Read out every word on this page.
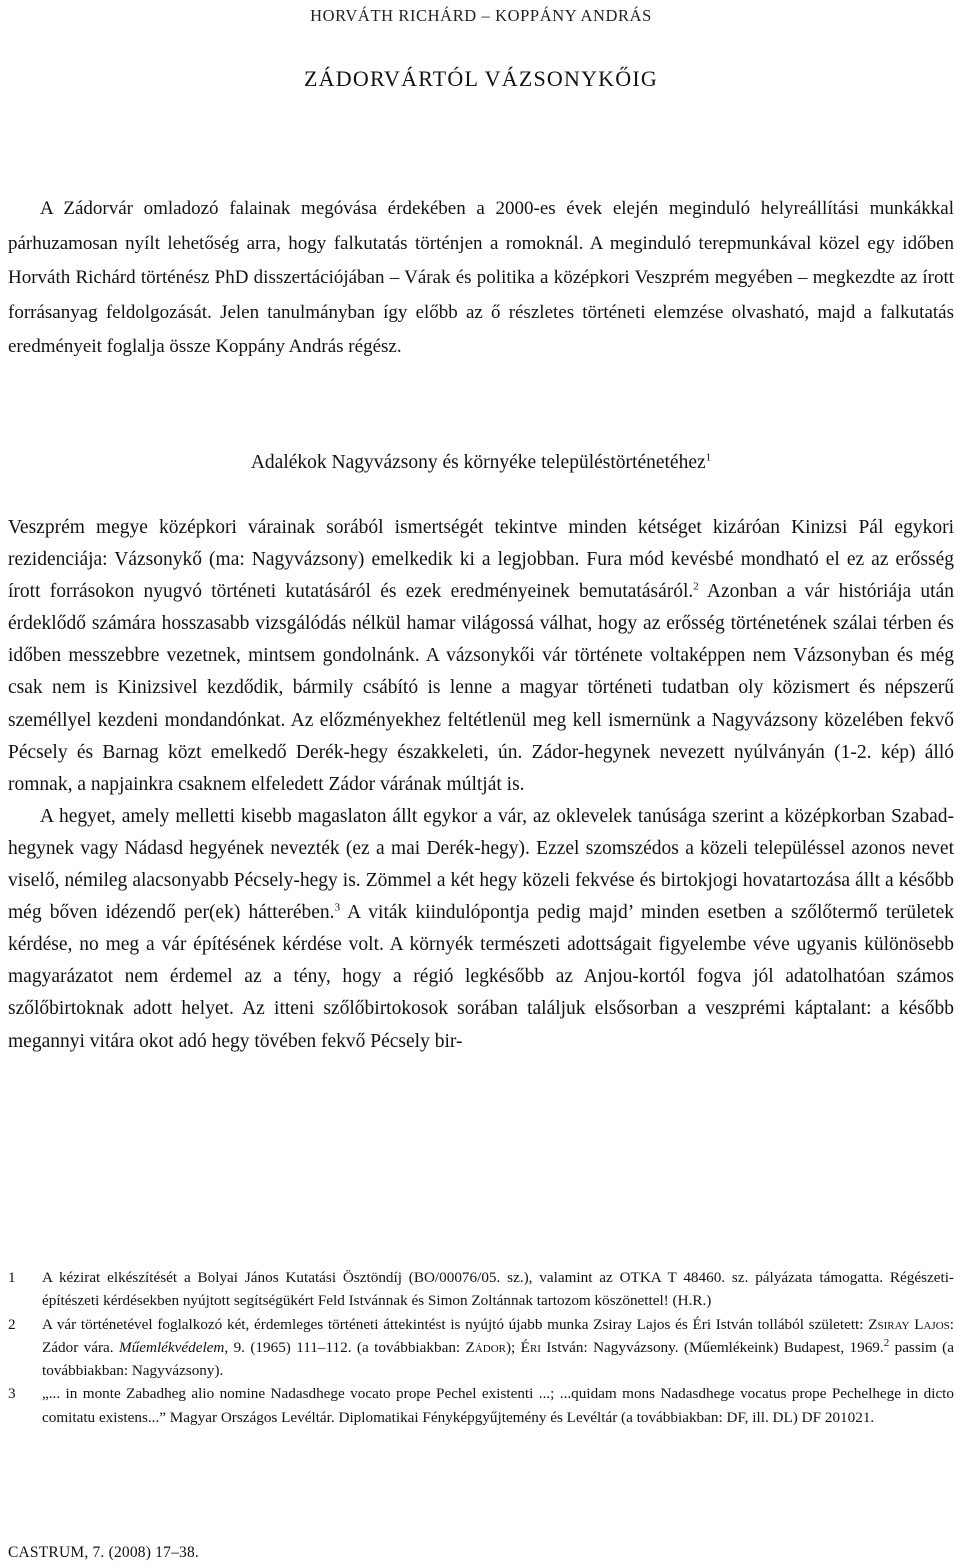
HORVÁTH RICHÁRD – KOPPÁNY ANDRÁS
ZÁDORVÁRTÓL VÁZSONYKŐIG

A Zádorvár omladozó falainak megóvása érdekében a 2000-es évek elején meginduló helyreállítási munkákkal párhuzamosan nyílt lehetőség arra, hogy falkutatás történjen a romoknál. A meginduló terepmunkával közel egy időben Horváth Richárd történész PhD disszertációjában – Várak és politika a középkori Veszprém megyében – megkezdte az írott forrásanyag feldolgozását. Jelen tanulmányban így előbb az ő részletes történeti elemzése olvasható, majd a falkutatás eredményeit foglalja össze Koppány András régész.

Adalékok Nagyvázsony és környéke településtörténetéhez$^1$

Veszprém megye középkori várainak sorából ismertségét tekintve minden kétséget kizáróan Kinizsi Pál egykori rezidenciája: Vázsonykő (ma: Nagyvázsony) emelkedik ki a legjobban. Fura mód kevésbé mondható el ez az erősség írott forrásokon nyugvó történeti kutatásáról és ezek eredményeinek bemutatásáról.$^2$ Azonban a vár históriája után érdeklődő számára hosszasabb vizsgálódás nélkül hamar világossá válhat, hogy az erősség történetének szálai térben és időben messzebbre vezetnek, mintsem gondolnánk. A vázsonykői vár története voltaképpen nem Vázsonyban és még csak nem is Kinizsivel kezdődik, bármily csábító is lenne a magyar történeti tudatban oly közismert és népszerű személlyel kezdeni mondandónkat. Az előzményekhez feltétlenül meg kell ismernünk a Nagyvázsony közelében fekvő Pécsely és Barnag közt emelkedő Derék-hegy északkeleti, ún. Zádor-hegynek nevezett nyúlványán (1-2. kép) álló romnak, a napjainkra csaknem elfeledett Zádor várának múltját is.

A hegyet, amely melletti kisebb magaslaton állt egykor a vár, az oklevelek tanúsága szerint a középkorban Szabad-hegynek vagy Nádasd hegyének nevezték (ez a mai Derék-hegy). Ezzel szomszédos a közeli településsel azonos nevet viselő, némileg alacsonyabb Pécsely-hegy is. Zömmel a két hegy közeli fekvése és birtokjogi hovatartozása állt a később még bőven idézendő per(ek) hátterében.$^3$ A viták kiindulópontja pedig majd’ minden esetben a szőlőtermő területek kérdése, no meg a vár építésének kérdése volt. A környék természeti adottságait figyelembe véve ugyanis különösebb magyarázatot nem érdemel az a tény, hogy a régió legkésőbb az Anjou-kortól fogva jól adatolhatóan számos szőlőbirtoknak adott helyet. Az itteni szőlőbirtokosok sorában találjuk elsősorban a veszprémi káptalant: a később megannyi vitára okot adó hegy tövében fekvő Pécsely bir-

1	A kézirat elkészítését a Bolyai János Kutatási Ösztöndíj (BO/00076/05. sz.), valamint az OTKA T 48460. sz. pályázata támogatta. Régészeti-építészeti kérdésekben nyújtott segítségükért Feld Istvánnak és Simon Zoltánnak tartozom köszönettel! (H.R.)
2	A vár történetével foglalkozó két, érdemleges történeti áttekintést is nyújtó újabb munka Zsiray Lajos és Éri István tollából született: Zsiray Lajos: Zádor vára. Műemlékvédelem, 9. (1965) 111–112. (a továbbiakban: Zádor); Éri István: Nagyvázsony. (Műemlékeink) Budapest, 1969.$^2$ passim (a továbbiakban: Nagyvázsony).
3	„... in monte Zabadheg alio nomine Nadasdhege vocato prope Pechel existenti ...; ...quidam mons Nadasdhege vocatus prope Pechelhege in dicto comitatu existens...” Magyar Országos Levéltár. Diplomatikai Fényképgyűjtemény és Levéltár (a továbbiakban: DF, ill. DL) DF 201021.
CASTRUM, 7. (2008) 17–38.
